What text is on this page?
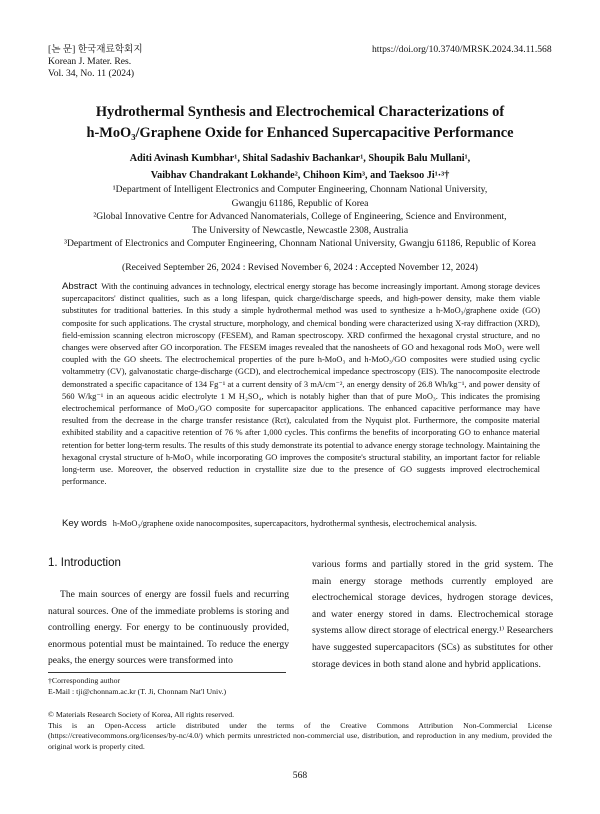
[논 문] 한국재료학회지
Korean J. Mater. Res.
Vol. 34, No. 11 (2024)
https://doi.org/10.3740/MRSK.2024.34.11.568
Hydrothermal Synthesis and Electrochemical Characterizations of
h-MoO₃/Graphene Oxide for Enhanced Supercapacitive Performance
Aditi Avinash Kumbhar¹, Shital Sadashiv Bachankar¹, Shoupik Balu Mullani¹,
Vaibhav Chandrakant Lokhande², Chihoon Kim³, and Taeksoo Ji¹·³†
¹Department of Intelligent Electronics and Computer Engineering, Chonnam National University,
Gwangju 61186, Republic of Korea
²Global Innovative Centre for Advanced Nanomaterials, College of Engineering, Science and Environment,
The University of Newcastle, Newcastle 2308, Australia
³Department of Electronics and Computer Engineering, Chonnam National University, Gwangju 61186, Republic of Korea
(Received September 26, 2024 : Revised November 6, 2024 : Accepted November 12, 2024)
Abstract With the continuing advances in technology, electrical energy storage has become increasingly important. Among storage devices supercapacitors' distinct qualities, such as a long lifespan, quick charge/discharge speeds, and high-power density, make them viable substitutes for traditional batteries. In this study a simple hydrothermal method was used to synthesize a h-MoO₃/graphene oxide (GO) composite for such applications. The crystal structure, morphology, and chemical bonding were characterized using X-ray diffraction (XRD), field-emission scanning electron microscopy (FESEM), and Raman spectroscopy. XRD confirmed the hexagonal crystal structure, and no changes were observed after GO incorporation. The FESEM images revealed that the nanosheets of GO and hexagonal rods MoO₃ were well coupled with the GO sheets. The electrochemical properties of the pure h-MoO₃ and h-MoO₃/GO composites were studied using cyclic voltammetry (CV), galvanostatic charge-discharge (GCD), and electrochemical impedance spectroscopy (EIS). The nanocomposite electrode demonstrated a specific capacitance of 134 Fg⁻¹ at a current density of 3 mA/cm⁻², an energy density of 26.8 Wh/kg⁻¹, and power density of 560 W/kg⁻¹ in an aqueous acidic electrolyte 1 M H₂SO₄, which is notably higher than that of pure MoO₃. This indicates the promising electrochemical performance of MoO₃/GO composite for supercapacitor applications. The enhanced capacitive performance may have resulted from the decrease in the charge transfer resistance (Rct), calculated from the Nyquist plot. Furthermore, the composite material exhibited stability and a capacitive retention of 76 % after 1,000 cycles. This confirms the benefits of incorporating GO to enhance material retention for better long-term results. The results of this study demonstrate its potential to advance energy storage technology. Maintaining the hexagonal crystal structure of h-MoO₃ while incorporating GO improves the composite's structural stability, an important factor for reliable long-term use. Moreover, the observed reduction in crystallite size due to the presence of GO suggests improved electrochemical performance.
Key words h-MoO₃/graphene oxide nanocomposites, supercapacitors, hydrothermal synthesis, electrochemical analysis.
1. Introduction
The main sources of energy are fossil fuels and recurring natural sources. One of the immediate problems is storing and controlling energy. For energy to be continuously provided, enormous potential must be maintained. To reduce the energy peaks, the energy sources were transformed into
various forms and partially stored in the grid system. The main energy storage methods currently employed are electrochemical storage devices, hydrogen storage devices, and water energy stored in dams. Electrochemical storage systems allow direct storage of electrical energy.¹⁾ Researchers have suggested supercapacitors (SCs) as substitutes for other storage devices in both stand alone and hybrid applications.
†Corresponding author
E-Mail : tji@chonnam.ac.kr (T. Ji, Chonnam Nat'l Univ.)
© Materials Research Society of Korea, All rights reserved.
This is an Open-Access article distributed under the terms of the Creative Commons Attribution Non-Commercial License (https://creativecommons.org/licenses/by-nc/4.0/) which permits unrestricted non-commercial use, distribution, and reproduction in any medium, provided the original work is properly cited.
568
